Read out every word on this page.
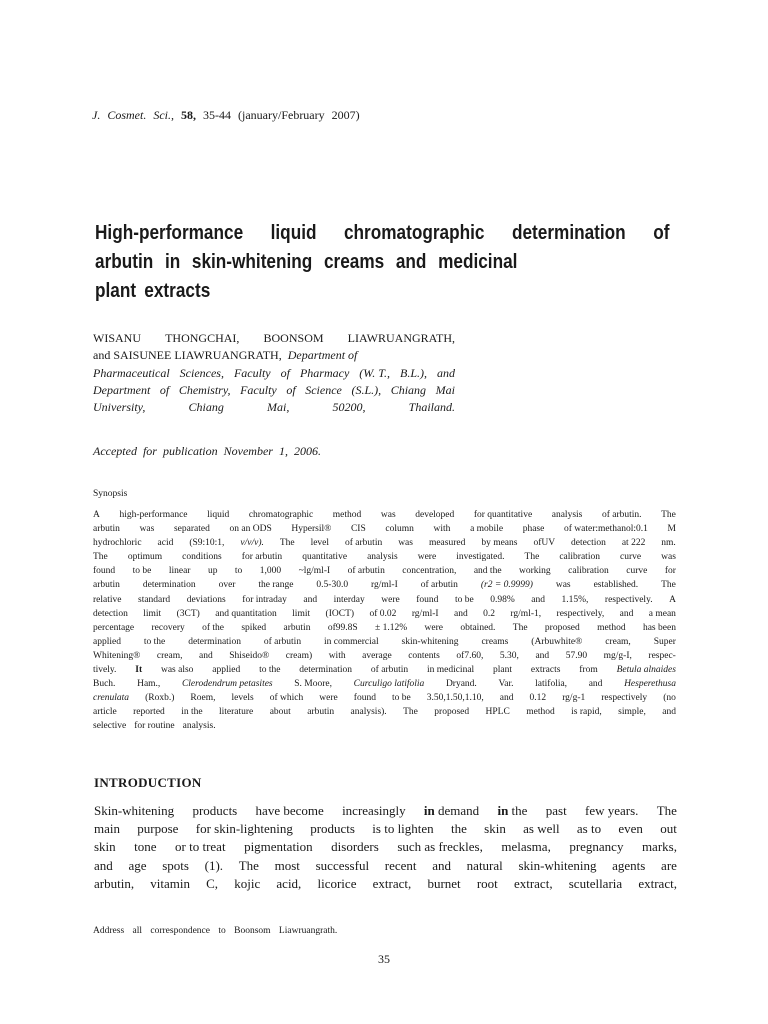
J. Cosmet. Sci., 58, 35-44 (january/February 2007)
High-performance liquid chromatographic determination of
arbutin in skin-whitening creams and medicinal
plant extracts
WISANU THONGCHAI, BOONSOM LIAWRUANGRATH,
and SAISUNEE LIAWRUANGRATH, Department of
Pharmaceutical Sciences, Faculty of Pharmacy (W. T., B.L.), and
Department of Chemistry, Faculty of Science (S.L.), Chiang Mai
University,	Chiang	Mai,	50200,	Thailand.
Accepted for publication November 1, 2006.
Synopsis
A high-performance liquid chromatographic method was developed for quantitative analysis of arbutin. The
arbutin was separated on an ODS Hypersil® CIS column with a mobile phase of water:methanol:0.1 M
hydrochloric acid (S9:10:1, v/v/v). The level of arbutin was measured by means ofUV detection at 222 nm.
The optimum conditions for arbutin quantitative analysis were investigated. The calibration curve was
found to be linear up to 1,000 ~lg/ml-I of arbutin concentration, and the working calibration curve for
arbutin determination over the range 0.5-30.0 rg/ml-I of arbutin (r2 = 0.9999) was established. The
relative standard deviations for intraday and interday were found to be 0.98% and 1.15%, respectively. A
detection limit (3CT) and quantitation limit (IOCT) of 0.02 rg/ml-I and 0.2 rg/ml-1, respectively, and a mean
percentage recovery of the spiked arbutin of99.8S ± 1.12% were obtained. The proposed method has been
applied to the determination of arbutin in commercial skin-whitening creams (Arbuwhite® cream, Super
Whitening® cream, and Shiseido® cream) with average contents of7.60, 5.30, and 57.90 mg/g-I, respec-
tively. It was also applied to the determination of arbutin in medicinal plant extracts from Betula alnaides
Buch. Ham., Clerodendrum petasites S. Moore, Curculigo latifolia Dryand. Var. latifolia, and Hesperethusa
crenulata (Roxb.) Roem, levels of which were found to be 3.50,1.50,1.10, and 0.12 rg/g-1 respectively (no
article reported in the literature about arbutin analysis). The proposed HPLC method is rapid, simple, and
selective for routine analysis.
INTRODUCTION
Skin-whitening products have become increasingly in demand in the past few years. The
main purpose for skin-lightening products is to lighten the skin as well as to even out
skin tone or to treat pigmentation disorders such as freckles, melasma, pregnancy marks,
and age spots (1). The most successful recent and natural skin-whitening agents are
arbutin, vitamin C, kojic acid, licorice extract, burnet root extract, scutellaria extract,
Address all correspondence to Boonsom Liawruangrath.
35
